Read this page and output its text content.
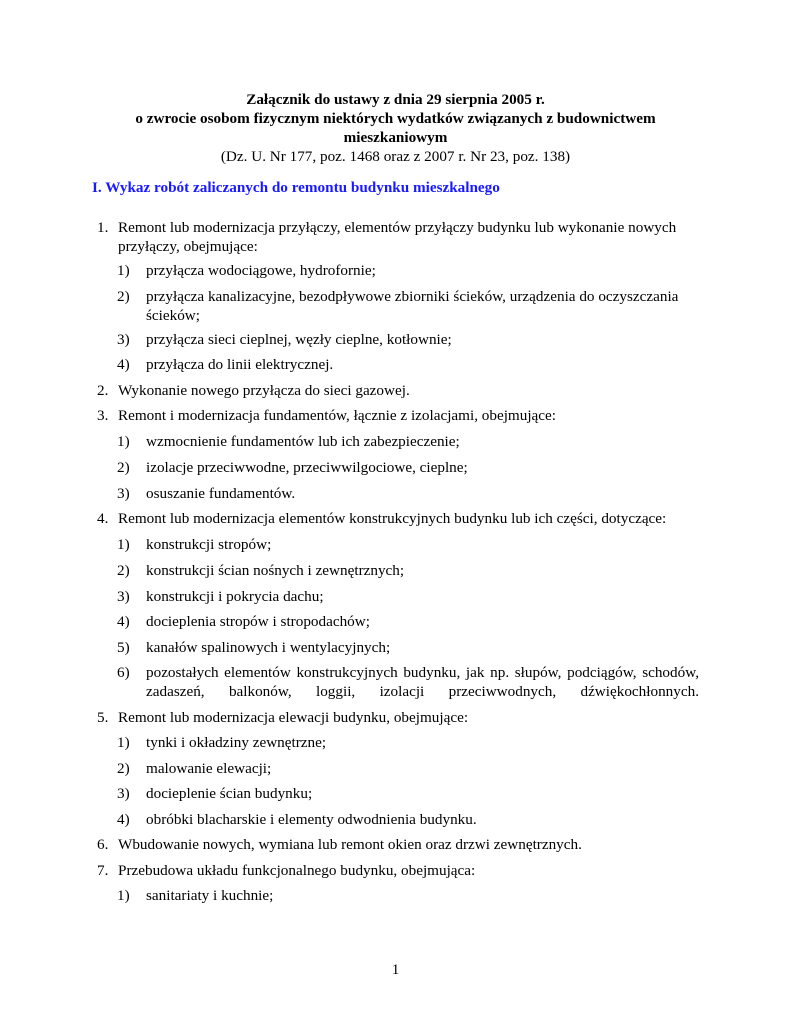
Załącznik do ustawy z dnia 29 sierpnia 2005 r.
o zwrocie osobom fizycznym niektórych wydatków związanych z budownictwem
mieszkaniowym
(Dz. U. Nr 177, poz. 1468 oraz z 2007 r. Nr 23, poz. 138)
I. Wykaz robót zaliczanych do remontu budynku mieszkalnego
1. Remont lub modernizacja przyłączy, elementów przyłączy budynku lub wykonanie nowych przyłączy, obejmujące:
1) przyłącza wodociągowe, hydrofornie;
2) przyłącza kanalizacyjne, bezodpływowe zbiorniki ścieków, urządzenia do oczyszczania ścieków;
3) przyłącza sieci cieplnej, węzły cieplne, kotłownie;
4) przyłącza do linii elektrycznej.
2. Wykonanie nowego przyłącza do sieci gazowej.
3. Remont i modernizacja fundamentów, łącznie z izolacjami, obejmujące:
1) wzmocnienie fundamentów lub ich zabezpieczenie;
2) izolacje przeciwwodne, przeciwwilgociowe, cieplne;
3) osuszanie fundamentów.
4. Remont lub modernizacja elementów konstrukcyjnych budynku lub ich części, dotyczące:
1) konstrukcji stropów;
2) konstrukcji ścian nośnych i zewnętrznych;
3) konstrukcji i pokrycia dachu;
4) docieplenia stropów i stropodachów;
5) kanałów spalinowych i wentylacyjnych;
6) pozostałych elementów konstrukcyjnych budynku, jak np. słupów, podciągów, schodów, zadaszeń, balkonów, loggii, izolacji przeciwwodnych, dźwiękochłonnych.
5. Remont lub modernizacja elewacji budynku, obejmujące:
1) tynki i okładziny zewnętrzne;
2) malowanie elewacji;
3) docieplenie ścian budynku;
4) obróbki blacharskie i elementy odwodnienia budynku.
6. Wbudowanie nowych, wymiana lub remont okien oraz drzwi zewnętrznych.
7. Przebudowa układu funkcjonalnego budynku, obejmująca:
1) sanitariaty i kuchnie;
1
